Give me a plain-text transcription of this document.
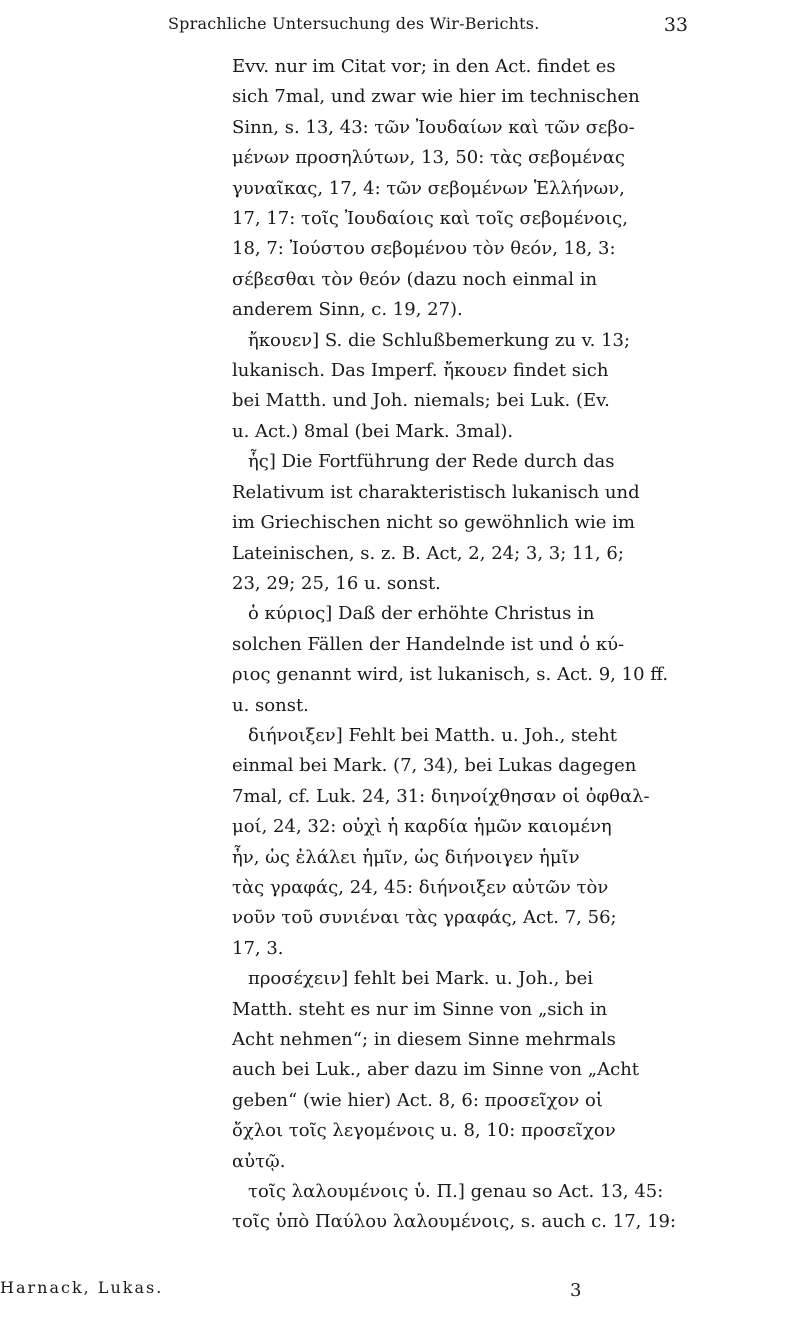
Sprachliche Untersuchung des Wir-Berichts.	33

Evv. nur im Citat vor; in den Act. findet es
sich 7mal, und zwar wie hier im technischen
Sinn, s. 13, 43: τῶν Ἰουδαίων καὶ τῶν σεβο-
μένων προσηλύτων, 13, 50: τὰς σεβομένας
γυναῖκας, 17, 4: τῶν σεβομένων Ἑλλήνων,
17, 17: τοῖς Ἰουδαίοις καὶ τοῖς σεβομένοις,
18, 7: Ἰούστου σεβομένου τὸν θεόν, 18, 3:
σέβεσθαι τὸν θεόν (dazu noch einmal in
anderem Sinn, c. 19, 27).

ἤκουεν] S. die Schlußbemerkung zu v. 13;
lukanisch. Das Imperf. ἤκουεν findet sich
bei Matth. und Joh. niemals; bei Luk. (Ev.
u. Act.) 8mal (bei Mark. 3mal).

ἧς] Die Fortführung der Rede durch das
Relativum ist charakteristisch lukanisch und
im Griechischen nicht so gewöhnlich wie im
Lateinischen, s. z. B. Act, 2, 24; 3, 3; 11, 6;
23, 29; 25, 16 u. sonst.

ὁ κύριος] Daß der erhöhte Christus in
solchen Fällen der Handelnde ist und ὁ κύ-
ριος genannt wird, ist lukanisch, s. Act. 9, 10 ff.
u. sonst.

διήνοιξεν] Fehlt bei Matth. u. Joh., steht
einmal bei Mark. (7, 34), bei Lukas dagegen
7mal, cf. Luk. 24, 31: διηνοίχθησαν οἱ ὀφθαλ-
μοί, 24, 32: οὐχὶ ἡ καρδία ἡμῶν καιομένη
ἦν, ὡς ἐλάλει ἡμῖν, ὡς διήνοιγεν ἡμῖν
τὰς γραφάς, 24, 45: διήνοιξεν αὐτῶν τὸν
νοῦν τοῦ συνιέναι τὰς γραφάς, Act. 7, 56;
17, 3.

προσέχειν] fehlt bei Mark. u. Joh., bei
Matth. steht es nur im Sinne von „sich in
Acht nehmen“; in diesem Sinne mehrmals
auch bei Luk., aber dazu im Sinne von „Acht
geben“ (wie hier) Act. 8, 6: προσεῖχον οἱ
ὄχλοι τοῖς λεγομένοις u. 8, 10: προσεῖχον
αὐτῷ.

τοῖς λαλουμένοις ὑ. Π.] genau so Act. 13, 45:
τοῖς ὑπὸ Παύλου λαλουμένοις, s. auch c. 17, 19:

Harnack, Lukas.	3
